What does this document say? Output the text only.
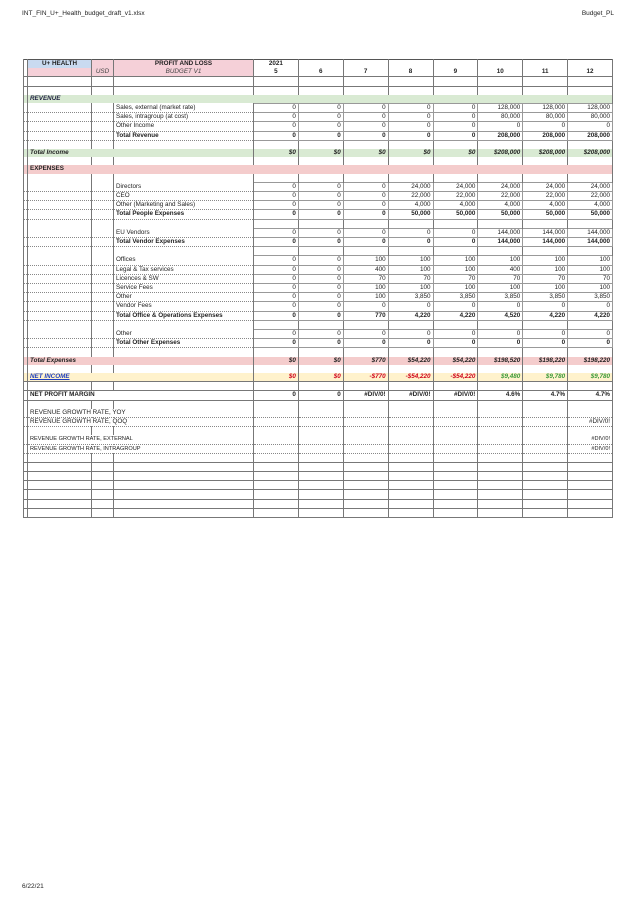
INT_FIN_U+_Health_budget_draft_v1.xlsx	Budget_PL
	U+ HEALTH		PROFIT AND LOSS	2021							
		USD	BUDGET V1	5	6	7	8	9	10	11	12

	REVENUE										
			Sales, external (market rate)	0	0	0	0	0	128,000	128,000	128,000
			Sales, intragroup (at cost)	0	0	0	0	0	80,000	80,000	80,000
			Other Income	0	0	0	0	0	0	0	0
			Total Revenue	0	0	0	0	0	208,000	208,000	208,000

	Total Income			$0	$0	$0	$0	$0	$208,000	$208,000	$208,000

	EXPENSES										

			Directors	0	0	0	24,000	24,000	24,000	24,000	24,000
			CEO	0	0	0	22,000	22,000	22,000	22,000	22,000
			Other (Marketing and Sales)	0	0	0	4,000	4,000	4,000	4,000	4,000
			Total People Expenses	0	0	0	50,000	50,000	50,000	50,000	50,000

			EU Vendors	0	0	0	0	0	144,000	144,000	144,000
			Total Vendor Expenses	0	0	0	0	0	144,000	144,000	144,000

			Offices	0	0	100	100	100	100	100	100
			Legal & Tax services	0	0	400	100	100	400	100	100
			Licences & SW	0	0	70	70	70	70	70	70
			Service Fees	0	0	100	100	100	100	100	100
			Other	0	0	100	3,850	3,850	3,850	3,850	3,850
			Vendor Fees	0	0	0	0	0	0	0	0
			Total Office & Operations Expenses	0	0	770	4,220	4,220	4,520	4,220	4,220

			Other	0	0	0	0	0	0	0	0
			Total Other Expenses	0	0	0	0	0	0	0	0

	Total Expenses			$0	$0	$770	$54,220	$54,220	$198,520	$198,220	$198,220

	NET INCOME			$0	$0	-$770	-$54,220	-$54,220	$9,480	$9,780	$9,780

	NET PROFIT MARGIN			0	0	#DIV/0!	#DIV/0!	#DIV/0!	4.6%	4.7%	4.7%

	REVENUE GROWTH RATE, YOY										
	REVENUE GROWTH RATE, QOQ										#DIV/0!

	REVENUE GROWTH RATE, EXTERNAL										#DIV/0!
	REVENUE GROWTH RATE, INTRAGROUP										#DIV/0!

6/22/21
